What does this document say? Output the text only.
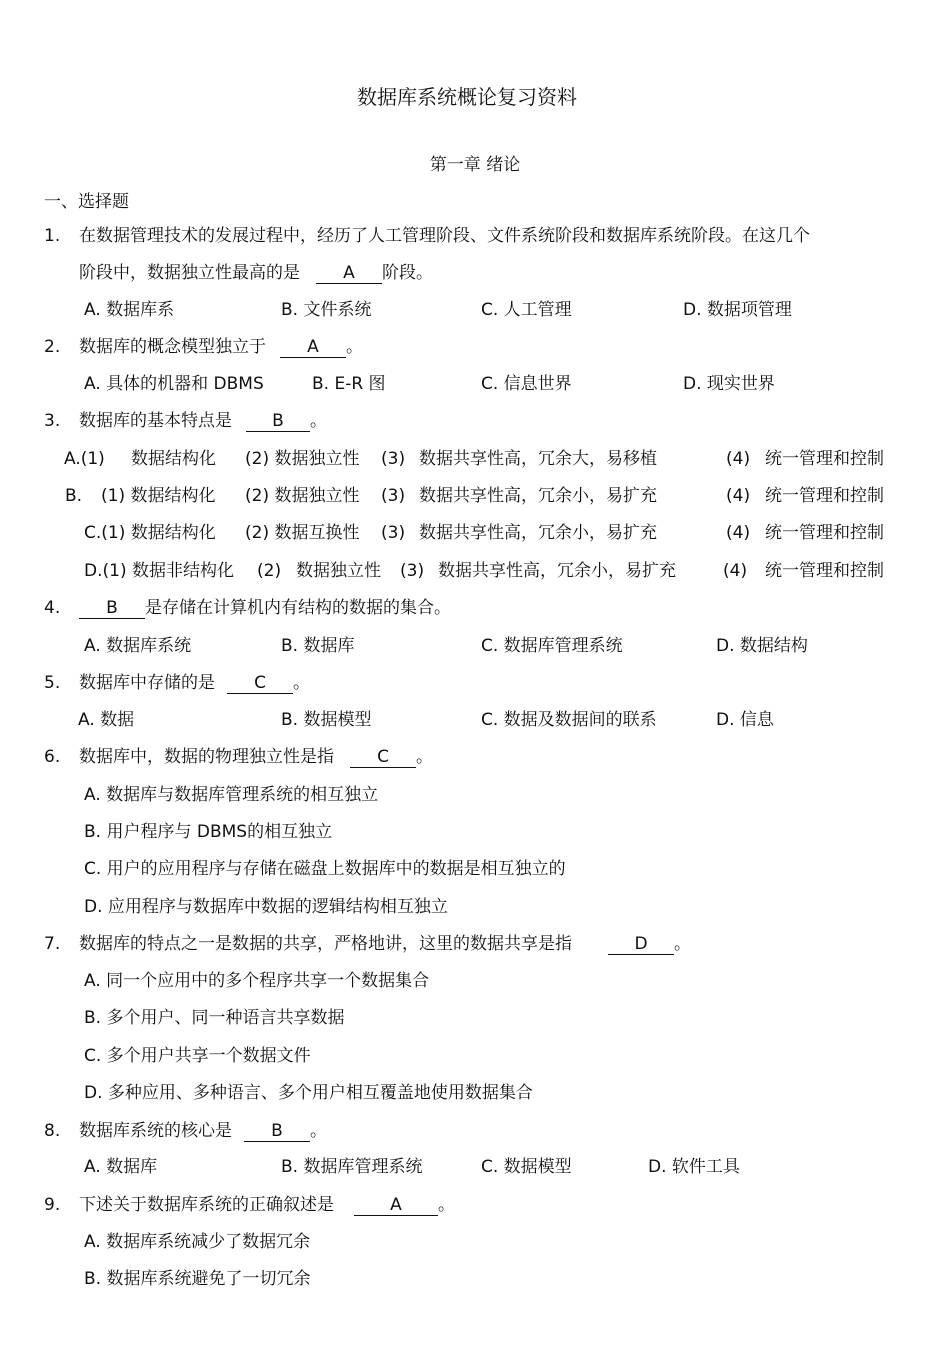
数据库系统概论复习资料
第一章 绪论
一、选择题
1. 在数据管理技术的发展过程中，经历了人工管理阶段、文件系统阶段和数据库系统阶段。在这几个
阶段中，数据独立性最高的是	A 阶段。
A. 数据库系	B. 文件系统	C. 人工管理	D. 数据项管理
2. 数据库的概念模型独立于 A 。
A. 具体的机器和 DBMS	B. E-R 图	C. 信息世界	D. 现实世界
3. 数据库的基本特点是 B 。
A.(1) 数据结构化 (2) 数据独立性 (3) 数据共享性高，冗余大，易移植	(4) 统一管理和控制
B. (1) 数据结构化 (2) 数据独立性 (3) 数据共享性高，冗余小，易扩充	(4) 统一管理和控制
C.(1) 数据结构化 (2) 数据互换性 (3) 数据共享性高，冗余小，易扩充	(4) 统一管理和控制
D.(1) 数据非结构化 (2) 数据独立性 (3) 数据共享性高，冗余小，易扩充	(4) 统一管理和控制
4.	B 是存储在计算机内有结构的数据的集合。
A. 数据库系统	B. 数据库	C. 数据库管理系统	D. 数据结构
5. 数据库中存储的是 C 。
A. 数据	B. 数据模型	C. 数据及数据间的联系	D. 信息
6. 数据库中，数据的物理独立性是指	C 。
A. 数据库与数据库管理系统的相互独立
B. 用户程序与 DBMS的相互独立
C. 用户的应用程序与存储在磁盘上数据库中的数据是相互独立的
D. 应用程序与数据库中数据的逻辑结构相互独立
7. 数据库的特点之一是数据的共享，严格地讲，这里的数据共享是指	D 。
A. 同一个应用中的多个程序共享一个数据集合
B. 多个用户、同一种语言共享数据
C. 多个用户共享一个数据文件
D. 多种应用、多种语言、多个用户相互覆盖地使用数据集合
8. 数据库系统的核心是 B 。
A. 数据库	B. 数据库管理系统	C. 数据模型	D. 软件工具
9. 下述关于数据库系统的正确叙述是	A 。
A. 数据库系统减少了数据冗余
B. 数据库系统避免了一切冗余
